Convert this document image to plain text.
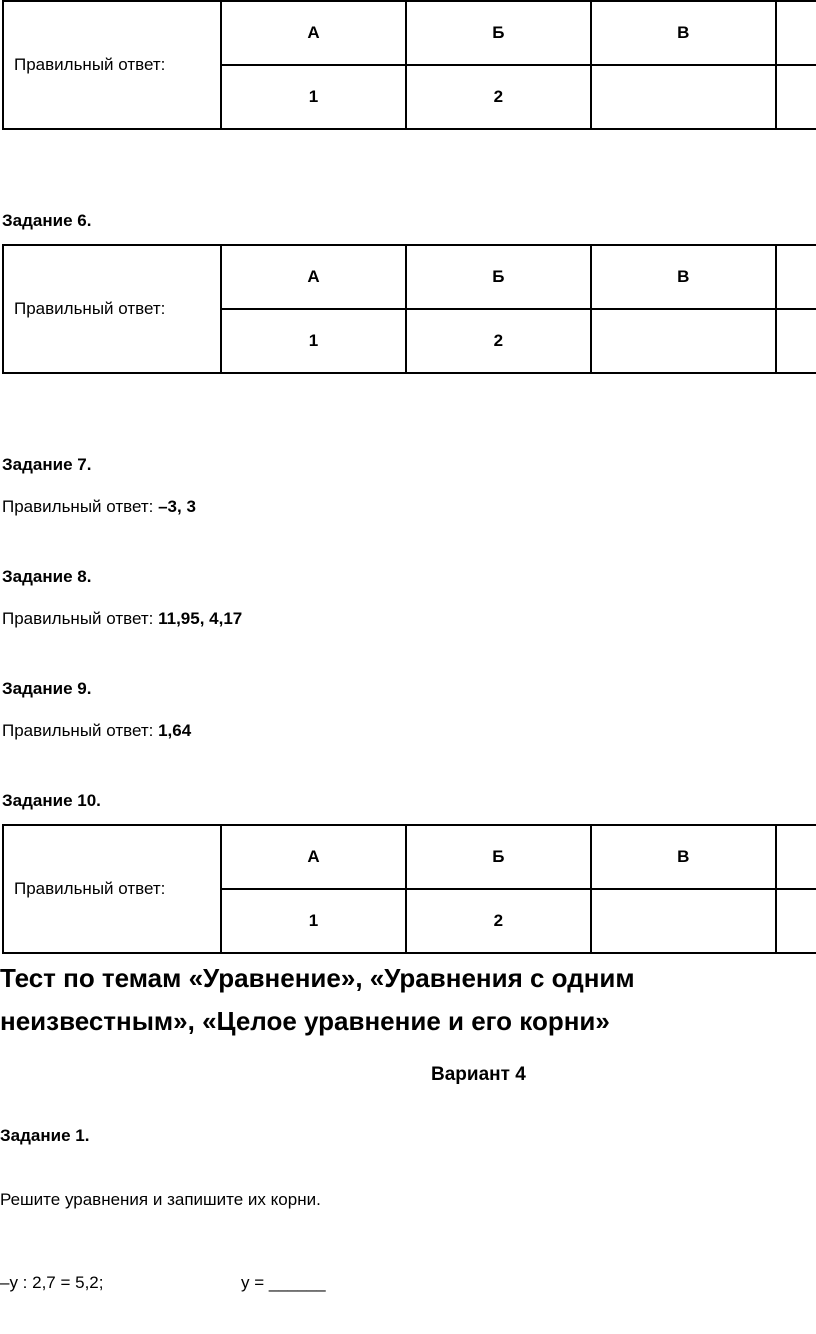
Правильный ответ:	А	Б	В	
	1	2		
Задание 6.
Правильный ответ:	А	Б	В	
	1	2		
Задание 7.
Правильный ответ: –3, 3
Задание 8.
Правильный ответ: 11,95, 4,17
Задание 9.
Правильный ответ: 1,64
Задание 10.
Правильный ответ:	А	Б	В	
	1	2		
Тест по темам «Уравнение», «Уравнения с одним
неизвестным», «Целое уравнение и его корни»
Вариант 4
Задание 1.
Решите уравнения и запишите их корни.
–y : 2,7 = 5,2;	y = ______
